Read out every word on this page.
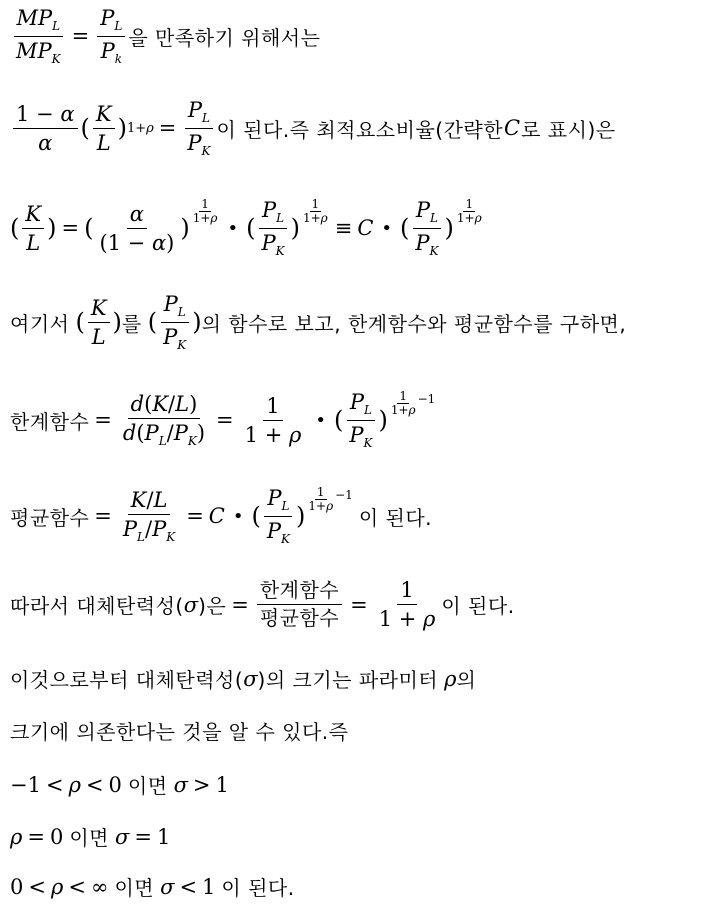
$\frac{MP_L}{MP_K} = \frac{P_L}{P_k}$ 을 만족하기 위해서는
$\frac{1 - \alpha}{\alpha}$ ( $\frac{K}{L}$ ) $1+\rho = \frac{P_L}{P_K}$ 이 된다.즉 최적요소비율(간략한 C 로 표시)은
( $\frac{K}{L}$ ) = ( $\frac{\alpha}{(1 - \alpha)}$ )
$\frac{1}{1+\rho}$
• ( $\frac{P_L}{P_K}$ )
$\frac{1}{1+\rho}$
≡ C • ( $\frac{P_L}{P_K}$ )
$\frac{1}{1+\rho}$
여기서 ( $\frac{K}{L}$ ) 를 ( $\frac{P_L}{P_K}$ ) 의 함수로 보고, 한계함수와 평균함수를 구하면,
한계함수 = $\frac{d(K/L)}{d(P_L/P_K)} = \frac{1}{1 + \rho}$ • ( $\frac{P_L}{P_K}$ )
$\frac{1}{1+\rho} -1$
평균함수 = $\frac{K/L}{P_L/P_K} = C$ • ( $\frac{P_L}{P_K}$ )
$\frac{1}{1+\rho} -1$
이 된다.
따라서 대체탄력성( σ )은 = $\frac{\text{한계함수}}{\text{평균함수}} = \frac{1}{1 + \rho}$ 이 된다.
이것으로부터 대체탄력성( σ )의 크기는 파라미터 ρ 의
크기에 의존한다는 것을 알 수 있다.즉
−1 < ρ < 0 이면 σ > 1
ρ = 0 이면 σ = 1
0 < ρ < ∞ 이면 σ < 1 이 된다.
